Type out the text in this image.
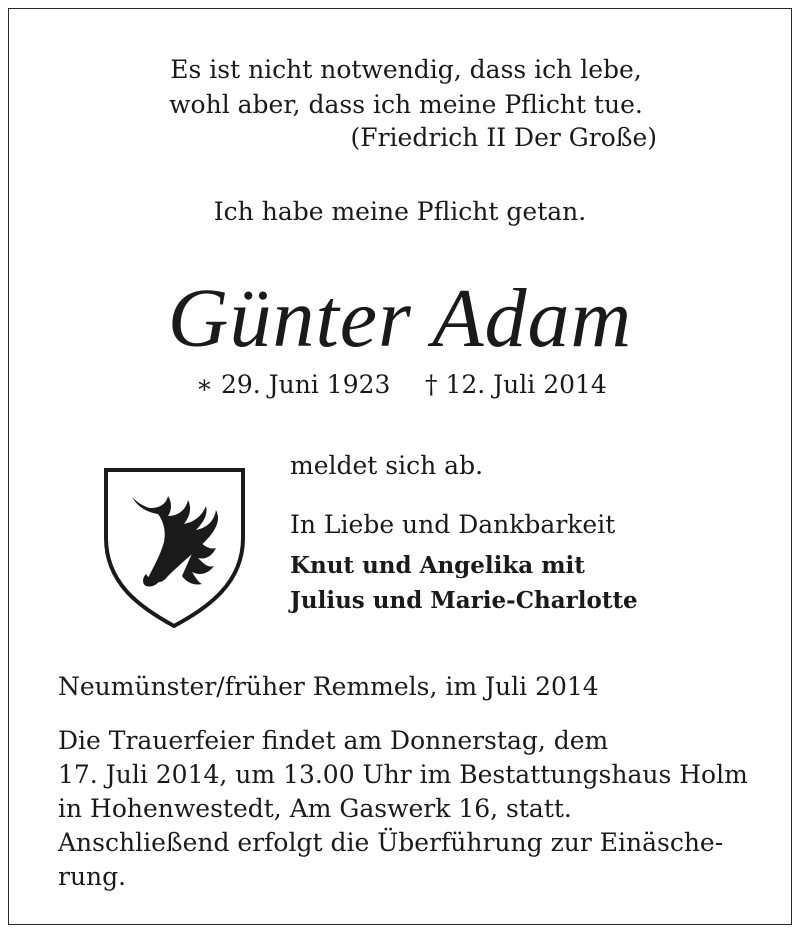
Es ist nicht notwendig, dass ich lebe,
wohl aber, dass ich meine Pflicht tue.
(Friedrich II Der Große)
Ich habe meine Pflicht getan.
Günter Adam
∗ 29. Juni 1923 † 12. Juli 2014
meldet sich ab.
In Liebe und Dankbarkeit
Knut und Angelika mit
Julius und Marie-Charlotte
Neumünster/früher Remmels, im Juli 2014
Die Trauerfeier findet am Donnerstag, dem
17. Juli 2014, um 13.00 Uhr im Bestattungshaus Holm
in Hohenwestedt, Am Gaswerk 16, statt.
Anschließend erfolgt die Überführung zur Einäsche-
rung.
